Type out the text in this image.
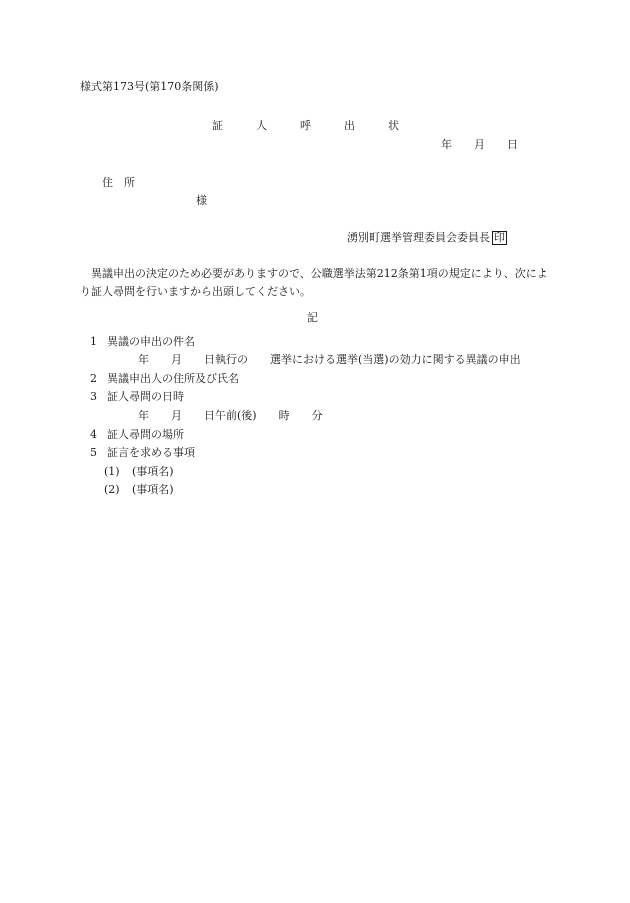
様式第173号(第170条関係)
証　　　人　　　呼　　　出　　　状
年　　月　　日
住　所
様
湧別町選挙管理委員会委員長 印
異議申出の決定のため必要がありますので、公職選挙法第212条第1項の規定により、次により証人尋問を行いますから出頭してください。
記
1 異議の申出の件名
年　　月　　日執行の　　選挙における選挙(当選)の効力に関する異議の申出
2 異議申出人の住所及び氏名
3 証人尋問の日時
年　　月　　日午前(後)　　時　　分
4 証人尋問の場所
5 証言を求める事項
(1) (事項名)
(2) (事項名)
